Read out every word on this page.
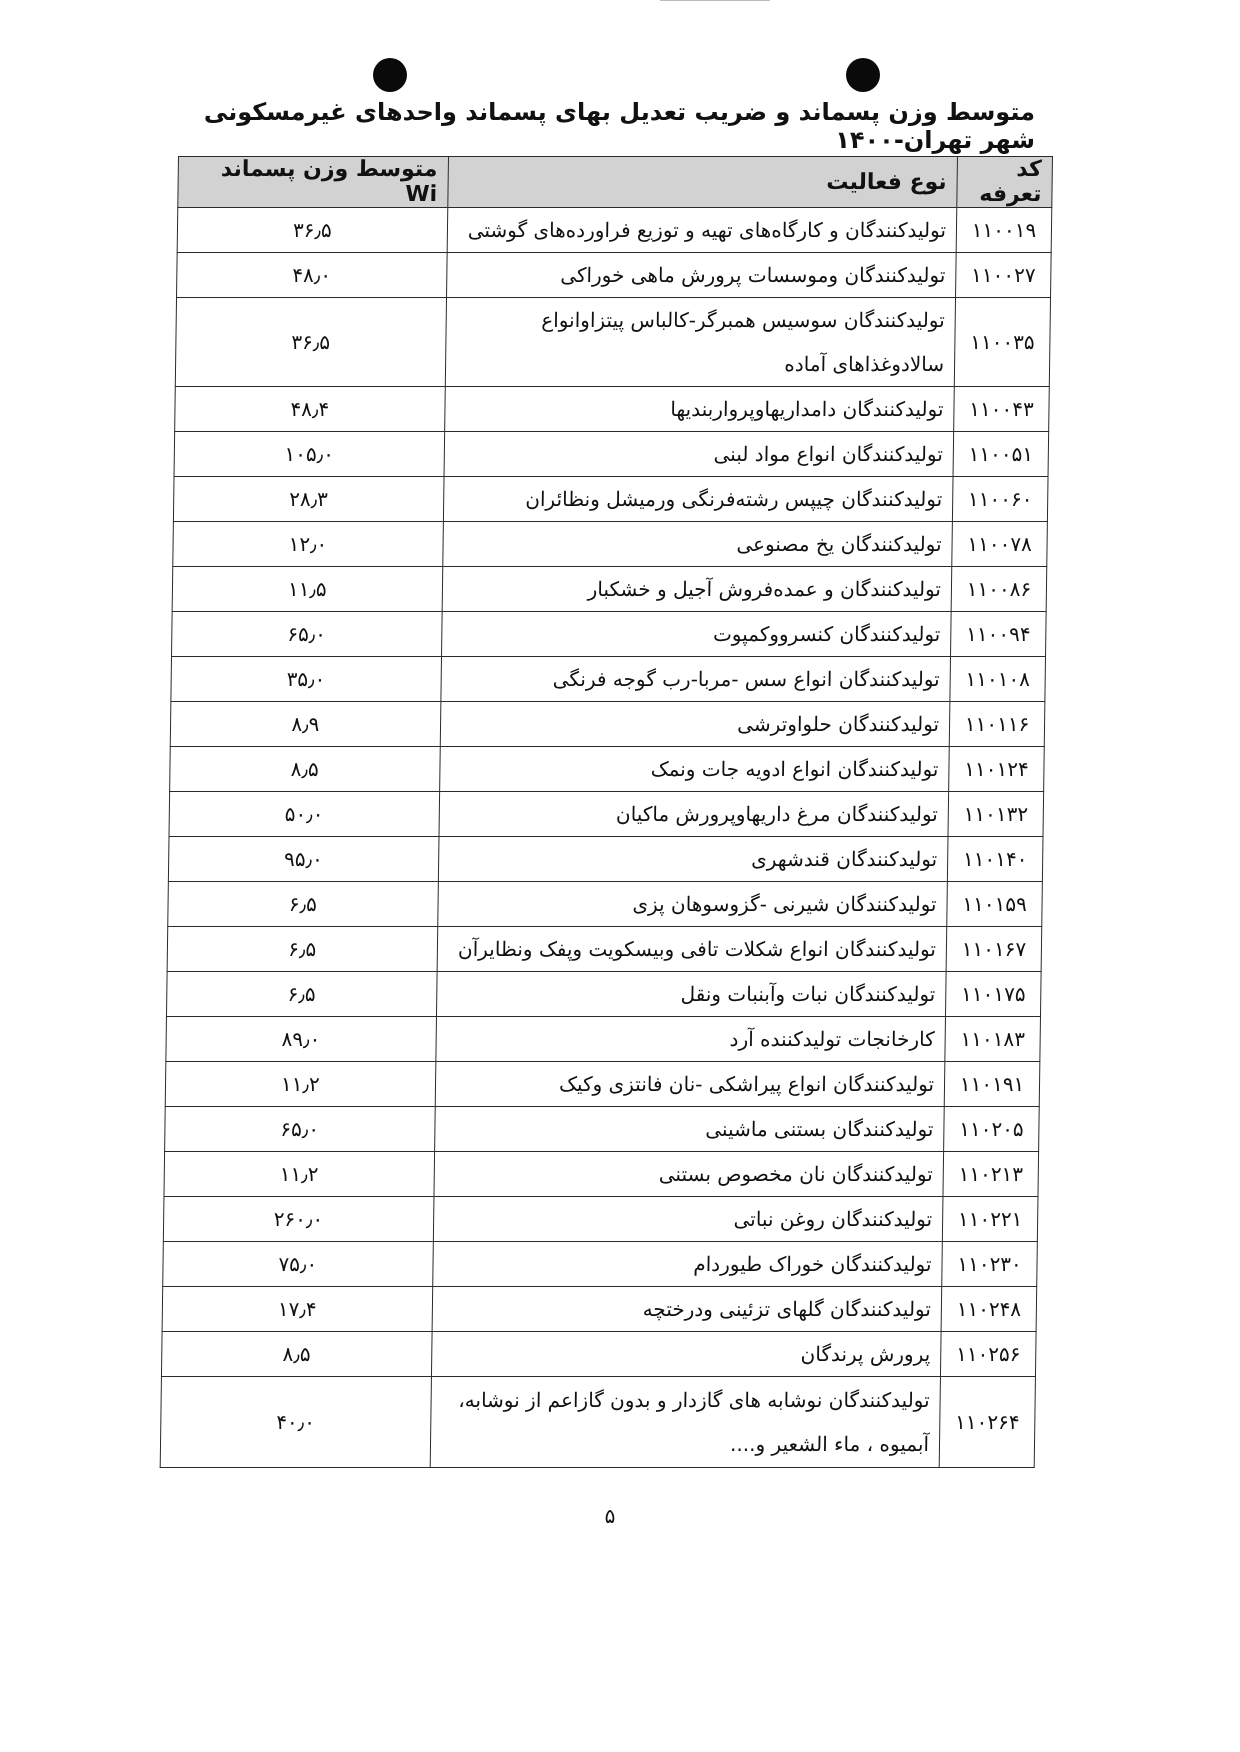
متوسط وزن پسماند و ضریب تعدیل بهای پسماند واحدهای غیرمسکونی شهر تهران-۱۴۰۰
کد تعرفه	نوع فعالیت	متوسط وزن پسماند Wi
۱۱۰۰۱۹	تولیدکنندگان و کارگاه‌های تهیه و توزیع فراورده‌های گوشتی	۳۶٫۵
۱۱۰۰۲۷	تولیدکنندگان وموسسات پرورش ماهی خوراکی	۴۸٫۰
۱۱۰۰۳۵	تولیدکنندگان سوسیس همبرگر-کالباس پیتزاوانواع سالادوغذاهای آماده	۳۶٫۵
۱۱۰۰۴۳	تولیدکنندگان دامداریهاوپرواربندیها	۴۸٫۴
۱۱۰۰۵۱	تولیدکنندگان انواع مواد لبنی	۱۰۵٫۰
۱۱۰۰۶۰	تولیدکنندگان چیپس رشته‌فرنگی ورمیشل ونظائران	۲۸٫۳
۱۱۰۰۷۸	تولیدکنندگان یخ مصنوعی	۱۲٫۰
۱۱۰۰۸۶	تولیدکنندگان و عمده‌فروش آجیل و خشکبار	۱۱٫۵
۱۱۰۰۹۴	تولیدکنندگان کنسرووکمپوت	۶۵٫۰
۱۱۰۱۰۸	تولیدکنندگان انواع سس -مربا-رب گوجه فرنگی	۳۵٫۰
۱۱۰۱۱۶	تولیدکنندگان حلواوترشی	۸٫۹
۱۱۰۱۲۴	تولیدکنندگان انواع ادویه جات ونمک	۸٫۵
۱۱۰۱۳۲	تولیدکنندگان مرغ داریهاوپرورش ماکیان	۵۰٫۰
۱۱۰۱۴۰	تولیدکنندگان قندشهری	۹۵٫۰
۱۱۰۱۵۹	تولیدکنندگان شیرنی -گزوسوهان پزی	۶٫۵
۱۱۰۱۶۷	تولیدکنندگان انواع شکلات تافی وبیسکویت وپفک ونظایرآن	۶٫۵
۱۱۰۱۷۵	تولیدکنندگان نبات وآبنبات ونقل	۶٫۵
۱۱۰۱۸۳	کارخانجات تولیدکننده آرد	۸۹٫۰
۱۱۰۱۹۱	تولیدکنندگان انواع پیراشکی -نان فانتزی وکیک	۱۱٫۲
۱۱۰۲۰۵	تولیدکنندگان بستنی ماشینی	۶۵٫۰
۱۱۰۲۱۳	تولیدکنندگان نان مخصوص بستنی	۱۱٫۲
۱۱۰۲۲۱	تولیدکنندگان روغن نباتی	۲۶۰٫۰
۱۱۰۲۳۰	تولیدکنندگان خوراک طیوردام	۷۵٫۰
۱۱۰۲۴۸	تولیدکنندگان گلهای تزئینی ودرختچه	۱۷٫۴
۱۱۰۲۵۶	پرورش پرندگان	۸٫۵
۱۱۰۲۶۴	تولیدکنندگان نوشابه های گازدار و بدون گازاعم از نوشابه، آبمیوه ، ماء الشعیر و....	۴۰٫۰
۵
